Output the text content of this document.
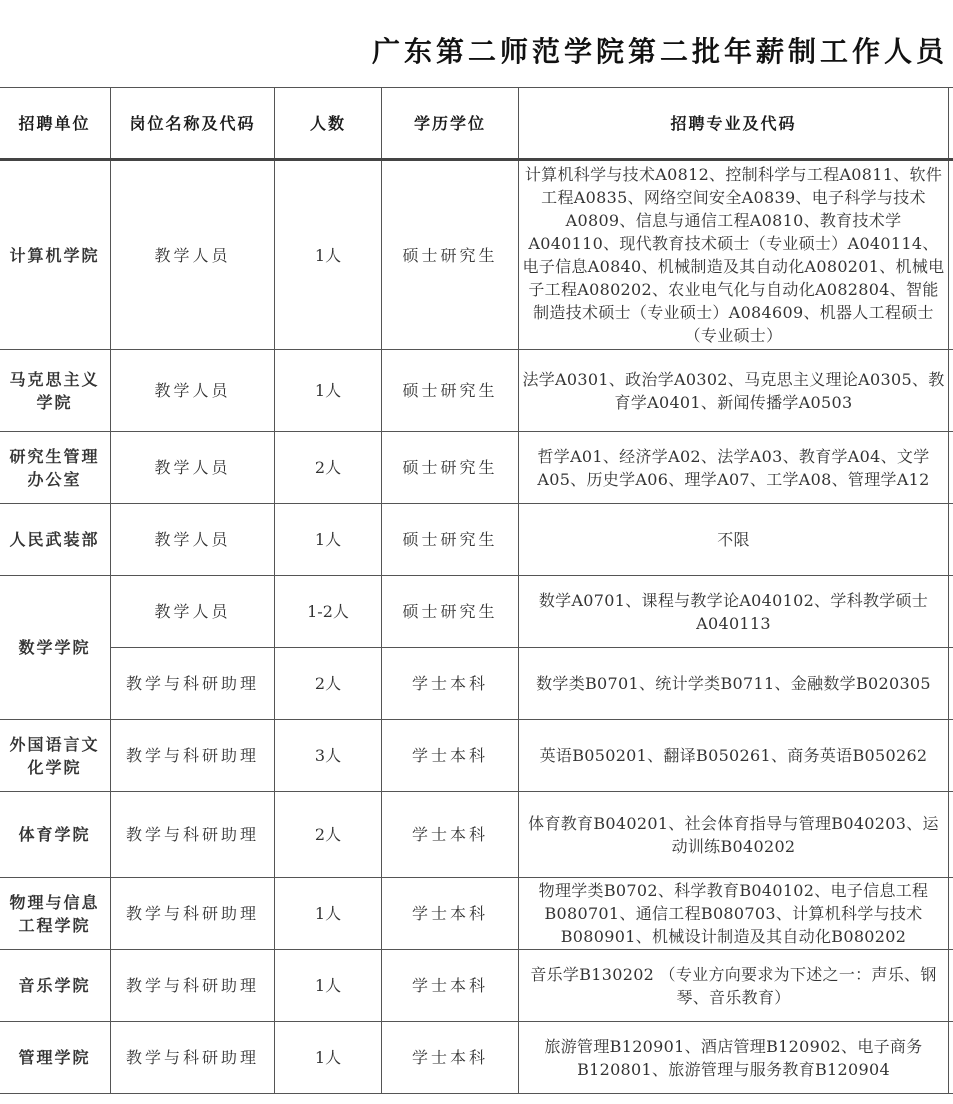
广东第二师范学院第二批年薪制工作人员
招聘单位	岗位名称及代码	人数	学历学位	招聘专业及代码	
计算机学院	教学人员	1人	硕士研究生	计算机科学与技术A0812、控制科学与工程A0811、软件工程A0835、网络空间安全A0839、电子科学与技术A0809、信息与通信工程A0810、教育技术学A040110、现代教育技术硕士（专业硕士）A040114、电子信息A0840、机械制造及其自动化A080201、机械电子工程A080202、农业电气化与自动化A082804、智能制造技术硕士（专业硕士）A084609、机器人工程硕士（专业硕士）	
马克思主义学院	教学人员	1人	硕士研究生	法学A0301、政治学A0302、马克思主义理论A0305、教育学A0401、新闻传播学A0503	
研究生管理办公室	教学人员	2人	硕士研究生	哲学A01、经济学A02、法学A03、教育学A04、文学A05、历史学A06、理学A07、工学A08、管理学A12	
人民武装部	教学人员	1人	硕士研究生	不限	
数学学院	教学人员	1-2人	硕士研究生	数学A0701、课程与教学论A040102、学科教学硕士A040113	
	教学与科研助理	2人	学士本科	数学类B0701、统计学类B0711、金融数学B020305	
外国语言文化学院	教学与科研助理	3人	学士本科	英语B050201、翻译B050261、商务英语B050262	
体育学院	教学与科研助理	2人	学士本科	体育教育B040201、社会体育指导与管理B040203、运动训练B040202	
物理与信息工程学院	教学与科研助理	1人	学士本科	物理学类B0702、科学教育B040102、电子信息工程B080701、通信工程B080703、计算机科学与技术B080901、机械设计制造及其自动化B080202	
音乐学院	教学与科研助理	1人	学士本科	音乐学B130202 （专业方向要求为下述之一：声乐、钢琴、音乐教育）	
管理学院	教学与科研助理	1人	学士本科	旅游管理B120901、酒店管理B120902、电子商务B120801、旅游管理与服务教育B120904	
